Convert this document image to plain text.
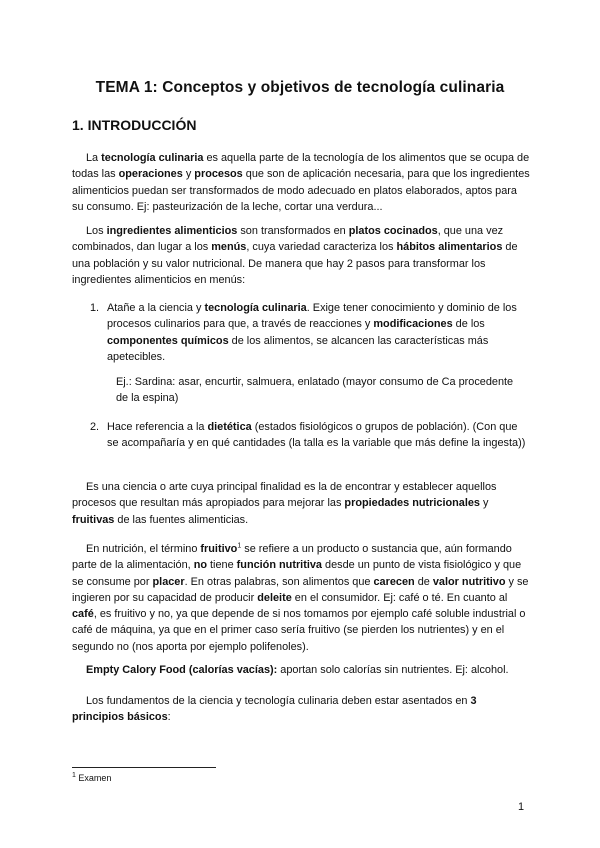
TEMA 1: Conceptos y objetivos de tecnología culinaria
1. INTRODUCCIÓN
La tecnología culinaria es aquella parte de la tecnología de los alimentos que se ocupa de todas las operaciones y procesos que son de aplicación necesaria, para que los ingredientes alimenticios puedan ser transformados de modo adecuado en platos elaborados, aptos para su consumo. Ej: pasteurización de la leche, cortar una verdura...
Los ingredientes alimenticios son transformados en platos cocinados, que una vez combinados, dan lugar a los menús, cuya variedad caracteriza los hábitos alimentarios de una población y su valor nutricional. De manera que hay 2 pasos para transformar los ingredientes alimenticios en menús:
1. Atañe a la ciencia y tecnología culinaria. Exige tener conocimiento y dominio de los procesos culinarios para que, a través de reacciones y modificaciones de los componentes químicos de los alimentos, se alcancen las características más apetecibles.
Ej.: Sardina: asar, encurtir, salmuera, enlatado (mayor consumo de Ca procedente de la espina)
2. Hace referencia a la dietética (estados fisiológicos o grupos de población). (Con que se acompañaría y en qué cantidades (la talla es la variable que más define la ingesta))
Es una ciencia o arte cuya principal finalidad es la de encontrar y establecer aquellos procesos que resultan más apropiados para mejorar las propiedades nutricionales y fruitivas de las fuentes alimenticias.
En nutrición, el término fruitivo$^1$ se refiere a un producto o sustancia que, aún formando parte de la alimentación, no tiene función nutritiva desde un punto de vista fisiológico y que se consume por placer. En otras palabras, son alimentos que carecen de valor nutritivo y se ingieren por su capacidad de producir deleite en el consumidor. Ej: café o té. En cuanto al café, es fruitivo y no, ya que depende de si nos tomamos por ejemplo café soluble industrial o café de máquina, ya que en el primer caso sería fruitivo (se pierden los nutrientes) y en el segundo no (nos aporta por ejemplo polifenoles).
Empty Calory Food (calorías vacías): aportan solo calorías sin nutrientes. Ej: alcohol.
Los fundamentos de la ciencia y tecnología culinaria deben estar asentados en 3 principios básicos:
$^1$ Examen
1
